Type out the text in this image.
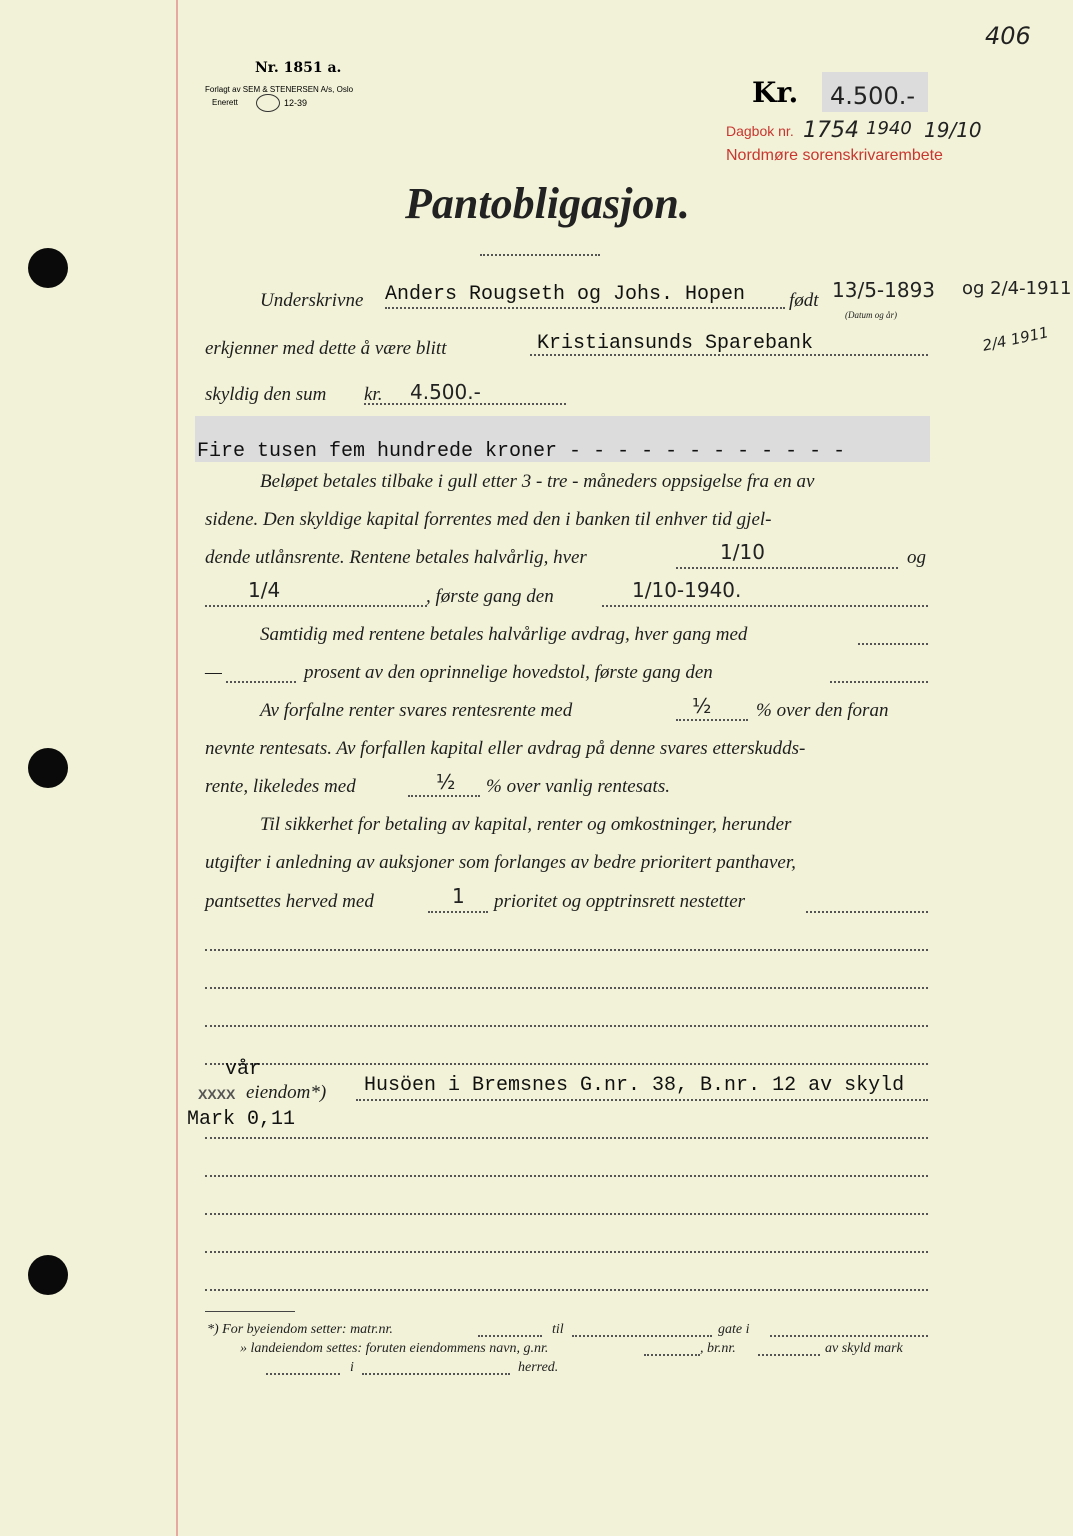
406
Nr. 1851 a.
Forlagt av SEM & STENERSEN A/s, Oslo
Enerett	12-39	Kr. 4.500.-
Dagbok nr. 1754 1940 19/10
Nordmøre sorenskrivarembete
Pantobligasjon.
Underskrivne Anders Rougseth og Johs. Hopen født 13/5-1893 og 2/4-1911
(Datum og år)
2/4 1911
erkjenner med dette å være blitt	Kristiansunds Sparebank
skyldig den sum kr. 4.500.-
Fire tusen fem hundrede kroner - - - - - - - - - - - -
Beløpet betales tilbake i gull etter 3 - tre - måneders oppsigelse fra en av
sidene. Den skyldige kapital forrentes med den i banken til enhver tid gjel-
dende utlånsrente. Rentene betales halvårlig, hver	1/10	og
1/4	, første gang den	1/10-1940.
Samtidig med rentene betales halvårlige avdrag, hver gang med
—	prosent av den oprinnelige hovedstol, første gang den
Av forfalne renter svares rentesrente med	½ % over den foran
nevnte rentesats. Av forfallen kapital eller avdrag på denne svares etterskudds-
rente, likeledes med	½ % over vanlig rentesats.
Til sikkerhet for betaling av kapital, renter og omkostninger, herunder
utgifter i anledning av auksjoner som forlanges av bedre prioritert panthaver,
pantsettes herved med	1 prioritet og opptrinsrett nestetter
vår
XXXX eiendom*) Husöen i Bremsnes G.nr. 38, B.nr. 12 av skyld
Mark 0,11
*) For byeiendom setter: matr.nr.	til	gate i
» landeiendom settes: foruten eiendommens navn, g.nr.	, br.nr.	av skyld mark
i	herred.
